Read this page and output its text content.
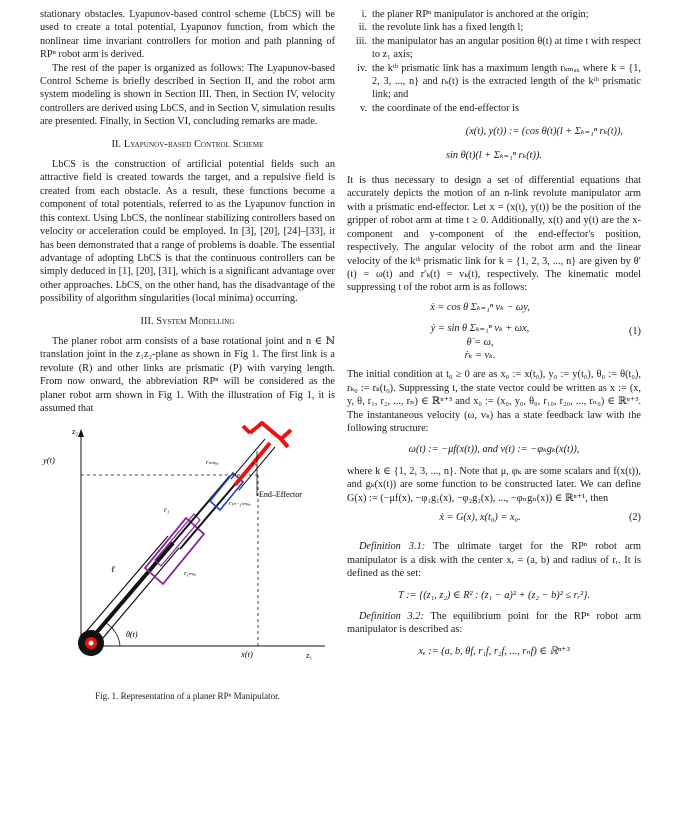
stationary obstacles. Lyapunov-based control scheme (LbCS) will be used to create a total potential, Lyapunov function, from which the nonlinear time invariant controllers for motion and path planning of RPⁿ robot arm is derived.

The rest of the paper is organized as follows: The Lyapunov-based Control Scheme is briefly described in Section II, and the robot arm system modeling is shown in Section III. Then, in Section IV, velocity controllers are derived using LbCS, and in Section V, simulation results are presented. Finally, in Section VI, concluding remarks are made.

II. Lyapunov-based Control Scheme

LbCS is the construction of artificial potential fields such an attractive field is created towards the target, and a repulsive field is created from each obstacle. As a result, these functions become a component of total potentials, referred to as the Lyapunov function in this context. Using LbCS, the nonlinear stabilizing controllers based on velocity or acceleration could be employed. In [3], [20], [24]–[33], it has been demonstrated that a range of problems is doable. The essential advantage of adopting LbCS is that the continuous controllers can be simply deduced in [1], [20], [31], which is a significant advantage over other approaches. LbCS, on the other hand, has the disadvantage of the possibility of algorithm singularities (local minima) occurring.

III. System Modelling

The planer robot arm consists of a base rotational joint and n ∈ ℕ translation joint in the z₁z₂-plane as shown in Fig 1. The first link is a revolute (R) and other links are prismatic (P) with varying length. From now onward, the abbreviation RPⁿ will be considered as the planer robot arm shown in Fig 1. With the illustration of Fig 1, it is assumed that

z₂
z₁
y(t)
x(t)
θ(t)
ℓ
r₁
r₁ₘₐₓ
r₍ₙ₋₁₎ₘₐₓ
rₙₘₐₓ	rₙ
End–Effector
Fig. 1. Representation of a planer RPⁿ Manipulator.
i. the planer RPⁿ manipulator is anchored at the origin;
ii. the revolute link has a fixed length l;
iii. the manipulator has an angular position θ(t) at time t with respect to z₁ axis;
iv. the kᵗʰ prismatic link has a maximum length rₖₘₐₓ where k = {1, 2, 3, ..., n} and rₖ(t) is the extracted length of the kᵗʰ prismatic link; and
v. the coordinate of the end-effector is
(x(t), y(t)) := (cos θ(t)(l + Σₖ₌₁ⁿ rₖ(t)),
sin θ(t)(l + Σₖ₌₁ⁿ rₖ(t)).

It is thus necessary to design a set of differential equations that accurately depicts the motion of an n-link revolute manipulator arm with a prismatic end-effector. Let x = (x(t), y(t)) be the position of the gripper of robot arm at time t ≥ 0. Additionally, x(t) and y(t) are the x-component and y-component of the end-effector's position, respectively. The angular velocity of the robot arm and the linear velocity of the kᵗʰ prismatic link for k = {1, 2, 3, ..., n} are given by θ′(t) = ω(t) and r′ₖ(t) = vₖ(t), respectively. The kinematic model suppressing t of the robot arm is as follows:

ẋ = cos θ Σₖ₌₁ⁿ vₖ − ωy,
ẏ = sin θ Σₖ₌₁ⁿ vₖ + ωx,
θ̇ = ω,
ṙₖ = vₖ.
(1)

The initial condition at t₀ ≥ 0 are as x₀ := x(t₀), y₀ := y(t₀), θ₀ := θ(t₀), rₖ₀ := rₖ(t₀). Suppressing t, the state vector could be written as x := (x, y, θ, r₁, r₂, ..., rₙ) ∈ ℝⁿ⁺³ and x₀ := (x₀, y₀, θ₀, r₁₀, r₂₀, ..., rₙ₀) ∈ ℝⁿ⁺³. The instantaneous velocity (ω, vₖ) has a state feedback law with the following structure:

ω(t) := −μf(x(t)), and v(t) := −φₖgₖ(x(t)),

where k ∈ {1, 2, 3, ..., n}. Note that μ, φₖ are some scalars and f(x(t)), and gₖ(x(t)) are some function to be constructed later. We can define G(x) := (−μf(x), −φ₁g₁(x), −φ₂g₂(x), ..., −φₙgₙ(x)) ∈ ℝⁿ⁺¹, then

ẋ = G(x), x(t₀) = x₀.	(2)

Definition 3.1: The ultimate target for the RPⁿ robot arm manipulator is a disk with the center xᵣ = (a, b) and radius of rᵣ. It is defined as the set:

T := {(z₁, z₂) ∈ R² : (z₁ − a)² + (z₂ − b)² ≤ rᵣ²}.

Definition 3.2: The equilibrium point for the RPⁿ robot arm manipulator is described as:

xₑ := (a, b, θf, r₁f, r₂f, ..., rₙf) ∈ ℝⁿ⁺³
